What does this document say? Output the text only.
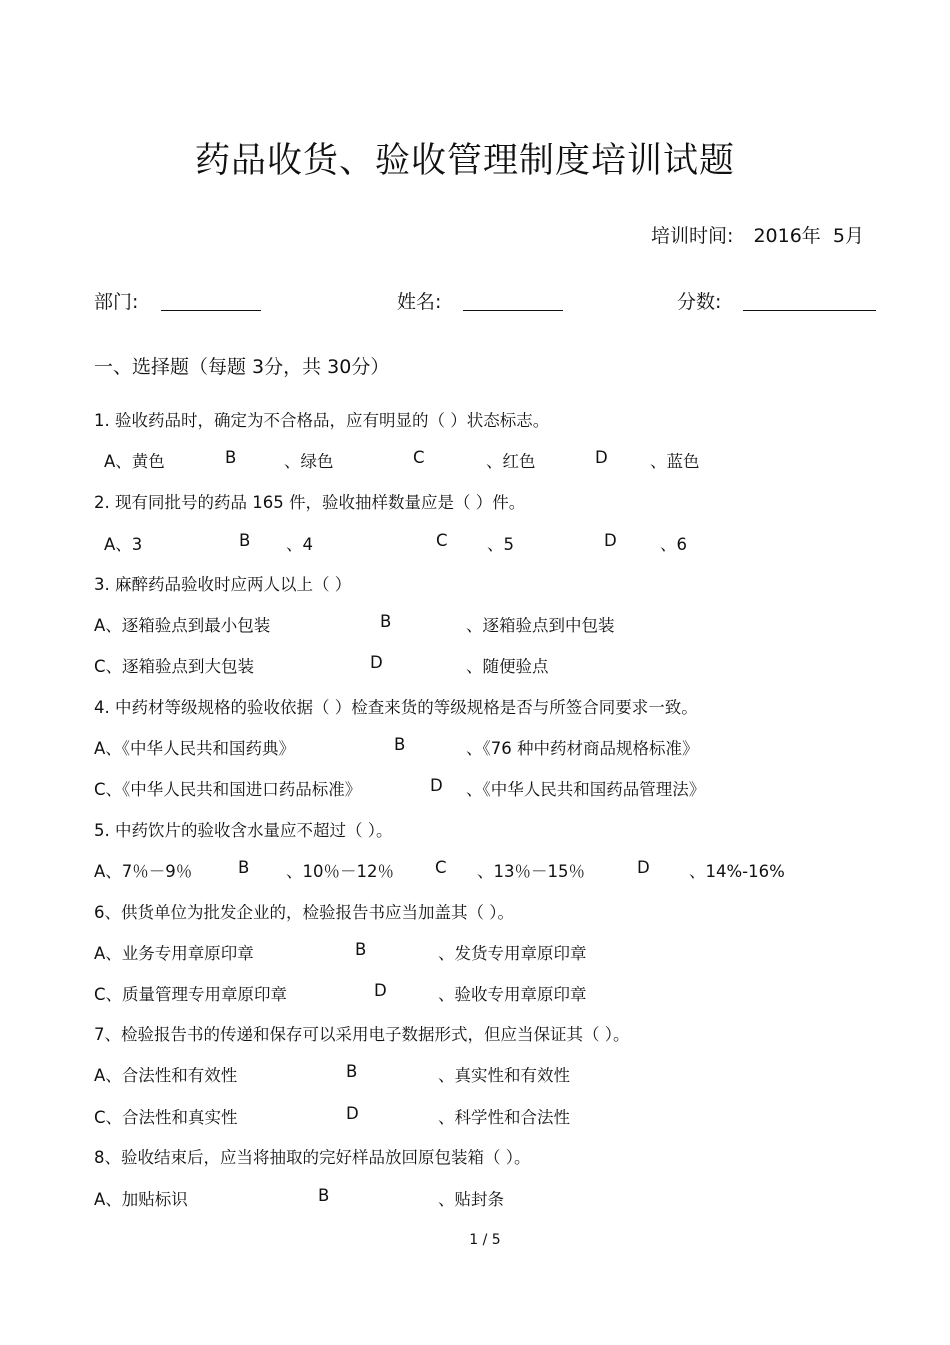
药品收货、验收管理制度培训试题
培训时间: 2016年 5月
部门:	姓名:	分数:
一、选择题（每题 3分，共 30分）
1. 验收药品时，确定为不合格品，应有明显的（ ）状态标志。
A、黄色	B	、绿色	C	、红色	D	、蓝色
2. 现有同批号的药品 165 件，验收抽样数量应是（ ）件。
A、3	B 、4	C 、5	D	、6
3. 麻醉药品验收时应两人以上（ ）
A、逐箱验点到最小包装	B	、逐箱验点到中包装
C、逐箱验点到大包装	D	、随便验点
4. 中药材等级规格的验收依据（ ）检查来货的等级规格是否与所签合同要求一致。
A、《中华人民共和国药典》	B	、《76 种中药材商品规格标准》
C、《中华人民共和国进口药品标准》	D 、《中华人民共和国药品管理法》
5. 中药饮片的验收含水量应不超过（ ）。
A、7％－9％	B 、10％－12％ C 、13％－15％	D 、14%-16%
6、供货单位为批发企业的，检验报告书应当加盖其（ ）。
A、业务专用章原印章	B	、发货专用章原印章
C、质量管理专用章原印章	D	、验收专用章原印章
7、检验报告书的传递和保存可以采用电子数据形式，但应当保证其（ ）。
A、合法性和有效性	B	、真实性和有效性
C、合法性和真实性	D	、科学性和合法性
8、验收结束后，应当将抽取的完好样品放回原包装箱（ ）。
A、加贴标识	B	、贴封条
1 / 5
